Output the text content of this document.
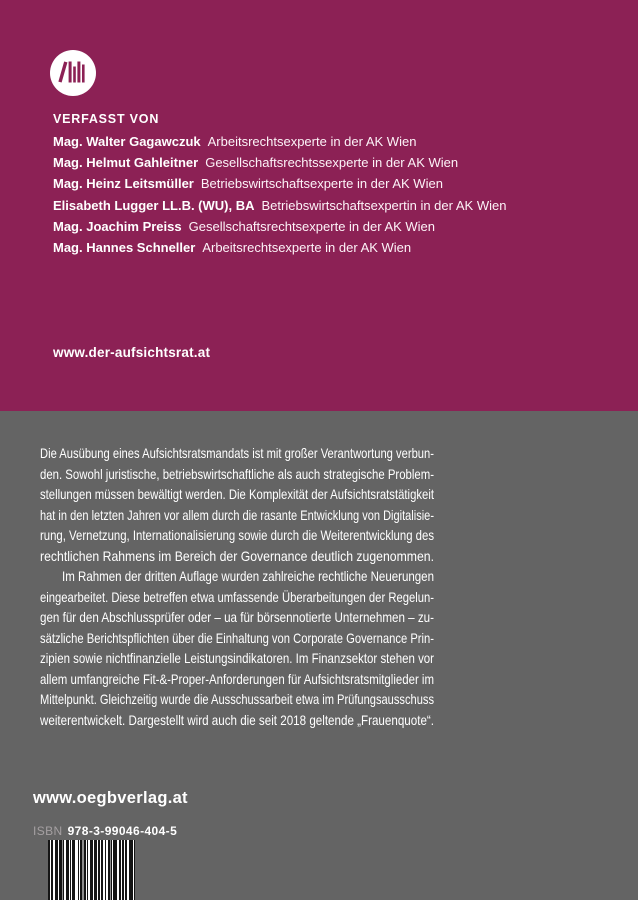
VERFASST VON
Mag. Walter Gagawczuk Arbeitsrechtsexperte in der AK Wien
Mag. Helmut Gahleitner Gesellschaftsrechtssexperte in der AK Wien
Mag. Heinz Leitsmüller Betriebswirtschaftsexperte in der AK Wien
Elisabeth Lugger LL.B. (WU), BA Betriebswirtschaftsexpertin in der AK Wien
Mag. Joachim Preiss Gesellschaftsrechtsexperte in der AK Wien
Mag. Hannes Schneller Arbeitsrechtsexperte in der AK Wien
www.der-aufsichtsrat.at
Die Ausübung eines Aufsichtsratsmandats ist mit großer Verantwortung verbun-
den. Sowohl juristische, betriebswirtschaftliche als auch strategische Problem-
stellungen müssen bewältigt werden. Die Komplexität der Aufsichtsratstätigkeit
hat in den letzten Jahren vor allem durch die rasante Entwicklung von Digitalisie-
rung, Vernetzung, Internationalisierung sowie durch die Weiterentwicklung des
rechtlichen Rahmens im Bereich der Governance deutlich zugenommen.
Im Rahmen der dritten Auflage wurden zahlreiche rechtliche Neuerungen
eingearbeitet. Diese betreffen etwa umfassende Überarbeitungen der Regelun-
gen für den Abschlussprüfer oder – ua für börsennotierte Unternehmen – zu-
sätzliche Berichtspflichten über die Einhaltung von Corporate Governance Prin-
zipien sowie nichtfinanzielle Leistungsindikatoren. Im Finanzsektor stehen vor
allem umfangreiche Fit-&-Proper-Anforderungen für Aufsichtsratsmitglieder im
Mittelpunkt. Gleichzeitig wurde die Ausschussarbeit etwa im Prüfungsausschuss
weiterentwickelt. Dargestellt wird auch die seit 2018 geltende „Frauenquote“.
www.oegbverlag.at
ISBN 978-3-99046-404-5
